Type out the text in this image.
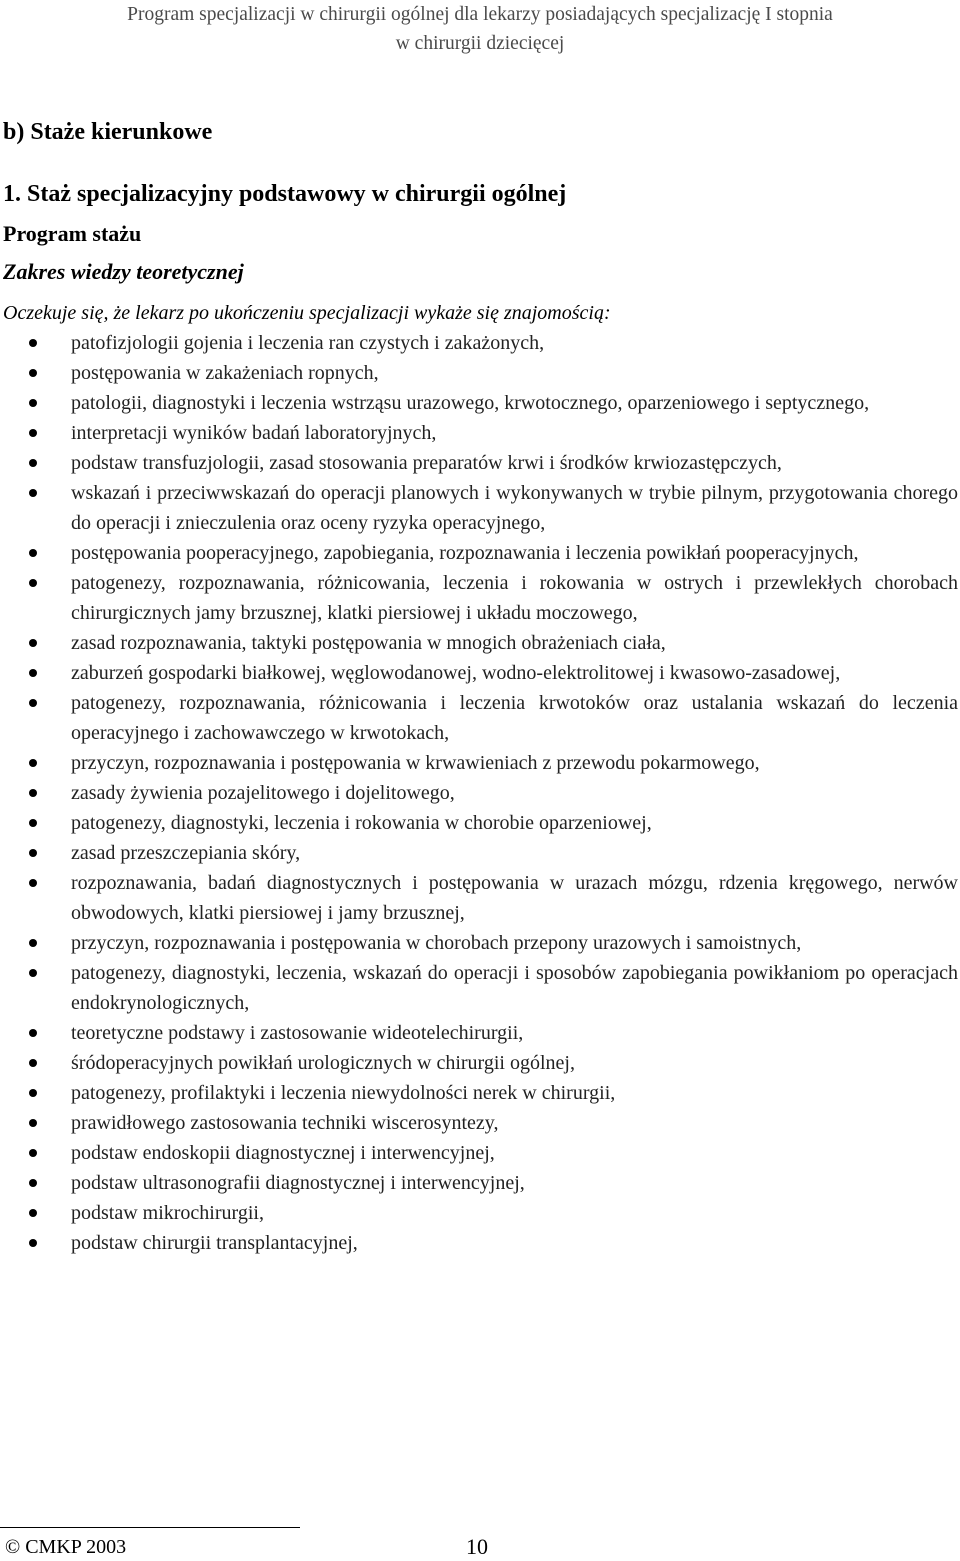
Program specjalizacji w chirurgii ogólnej dla lekarzy posiadających specjalizację I stopnia
w chirurgii dziecięcej
b) Staże kierunkowe
1. Staż specjalizacyjny podstawowy w chirurgii ogólnej
Program stażu
Zakres wiedzy teoretycznej
Oczekuje się, że lekarz po ukończeniu specjalizacji wykaże się znajomością:
patofizjologii gojenia i leczenia ran czystych i zakażonych,
postępowania w zakażeniach ropnych,
patologii, diagnostyki i leczenia wstrząsu urazowego, krwotocznego, oparzeniowego i septycznego,
interpretacji wyników badań laboratoryjnych,
podstaw transfuzjologii, zasad stosowania preparatów krwi i środków krwiozastępczych,
wskazań i przeciwwskazań do operacji planowych i wykonywanych w trybie pilnym, przygotowania chorego do operacji i znieczulenia oraz oceny ryzyka operacyjnego,
postępowania pooperacyjnego, zapobiegania, rozpoznawania i leczenia powikłań pooperacyjnych,
patogenezy, rozpoznawania, różnicowania, leczenia i rokowania w ostrych i przewlekłych chorobach chirurgicznych jamy brzusznej, klatki piersiowej i układu moczowego,
zasad rozpoznawania, taktyki postępowania w mnogich obrażeniach ciała,
zaburzeń gospodarki białkowej, węglowodanowej, wodno-elektrolitowej i kwasowo-zasadowej,
patogenezy, rozpoznawania, różnicowania i leczenia krwotoków oraz ustalania wskazań do leczenia operacyjnego i zachowawczego w krwotokach,
przyczyn, rozpoznawania i postępowania w krwawieniach z przewodu pokarmowego,
zasady żywienia pozajelitowego i dojelitowego,
patogenezy, diagnostyki, leczenia i rokowania w chorobie oparzeniowej,
zasad przeszczepiania skóry,
rozpoznawania, badań diagnostycznych i postępowania w urazach mózgu, rdzenia kręgowego, nerwów obwodowych, klatki piersiowej i jamy brzusznej,
przyczyn, rozpoznawania i postępowania w chorobach przepony urazowych i samoistnych,
patogenezy, diagnostyki, leczenia, wskazań do operacji i sposobów zapobiegania powikłaniom po operacjach endokrynologicznych,
teoretyczne podstawy i zastosowanie wideotelechirurgii,
śródoperacyjnych powikłań urologicznych w chirurgii ogólnej,
patogenezy, profilaktyki i leczenia niewydolności nerek w chirurgii,
prawidłowego zastosowania techniki wiscerosyntezy,
podstaw endoskopii diagnostycznej i interwencyjnej,
podstaw ultrasonografii diagnostycznej i interwencyjnej,
podstaw mikrochirurgii,
podstaw chirurgii transplantacyjnej,
© CMKP 2003	10
